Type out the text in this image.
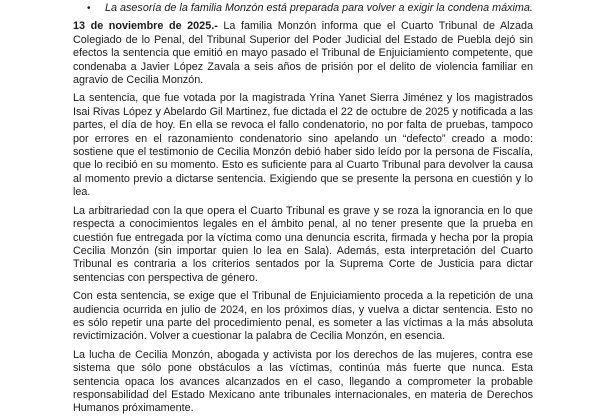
•	La asesoría de la familia Monzón está preparada para volver a exigir la condena máxima.

13 de noviembre de 2025.- La familia Monzón informa que el Cuarto Tribunal de Alzada Colegiado de lo Penal, del Tribunal Superior del Poder Judicial del Estado de Puebla dejó sin efectos la sentencia que emitió en mayo pasado el Tribunal de Enjuiciamiento competente, que condenaba a Javier López Zavala a seis años de prisión por el delito de violencia familiar en agravio de Cecilia Monzón.

La sentencia, que fue votada por la magistrada Yrina Yanet Sierra Jiménez y los magistrados Isai Rivas López y Abelardo Gil Martinez, fue dictada el 22 de octubre de 2025 y notificada a las partes, el día de hoy. En ella se revoca el fallo condenatorio, no por falta de pruebas, tampoco por errores en el razonamiento condenatorio sino apelando un “defecto” creado a modo: sostiene que el testimonio de Cecilia Monzón debió haber sido leído por la persona de Fiscalía, que lo recibió en su momento. Esto es suficiente para al Cuarto Tribunal para devolver la causa al momento previo a dictarse sentencia. Exigiendo que se presente la persona en cuestión y lo lea.

La arbitrariedad con la que opera el Cuarto Tribunal es grave y se roza la ignorancia en lo que respecta a conocimientos legales en el ámbito penal, al no tener presente que la prueba en cuestión fue entregada por la víctima como una denuncia escrita, firmada y hecha por la propia Cecilia Monzón (sin importar quien lo lea en Sala). Además, esta interpretación del Cuarto Tribunal es contraria a los criterios sentados por la Suprema Corte de Justicia para dictar sentencias con perspectiva de género.

Con esta sentencia, se exige que el Tribunal de Enjuiciamiento proceda a la repetición de una audiencia ocurrida en julio de 2024, en los próximos días, y vuelva a dictar sentencia. Esto no es sólo repetir una parte del procedimiento penal, es someter a las víctimas a la más absoluta revictimización. Volver a cuestionar la palabra de Cecilia Monzón, en esencia.

La lucha de Cecilia Monzón, abogada y activista por los derechos de las mujeres, contra ese sistema que sólo pone obstáculos a las víctimas, continúa más fuerte que nunca. Esta sentencia opaca los avances alcanzados en el caso, llegando a comprometer la probable responsabilidad del Estado Mexicano ante tribunales internacionales, en materia de Derechos Humanos próximamente.
